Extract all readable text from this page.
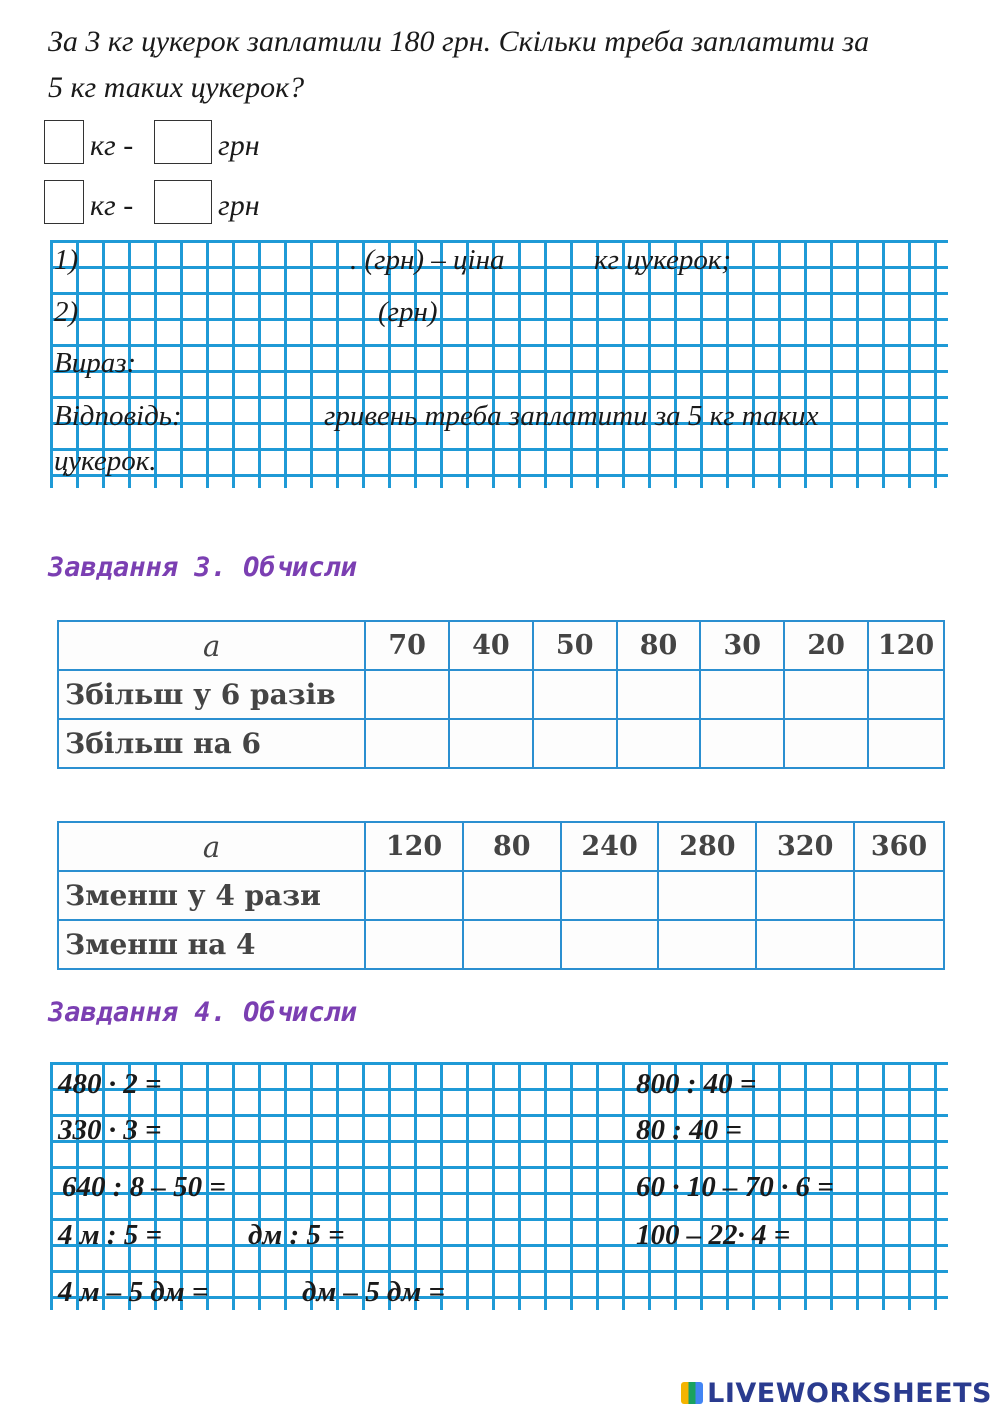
За 3 кг цукерок заплатили 180 грн. Скільки треба заплатити за
5 кг таких цукерок?
кг -	грн
кг -	грн
1)	. (грн) – ціна	кг цукерок;
2)	(грн)
Вираз:
Відповідь:	гривень треба заплатити за 5 кг таких
цукерок.
Завдання 3. Обчисли
a	70	40	50	80	30	20	120
Збільш у 6 разів							
Збільш на 6							
a	120	80	240	280	320	360
Зменш у 4 рази						
Зменш на 4						
Завдання 4. Обчисли
480 · 2 =
330 · 3 =
640 : 8 – 50 =
4 м : 5 =
4 м – 5 дм =
дм : 5 =
дм – 5 дм =
800 : 40 =
80 : 40 =
60 · 10 – 70 · 6 =
100 – 22· 4 =
LIVEWORKSHEETS
